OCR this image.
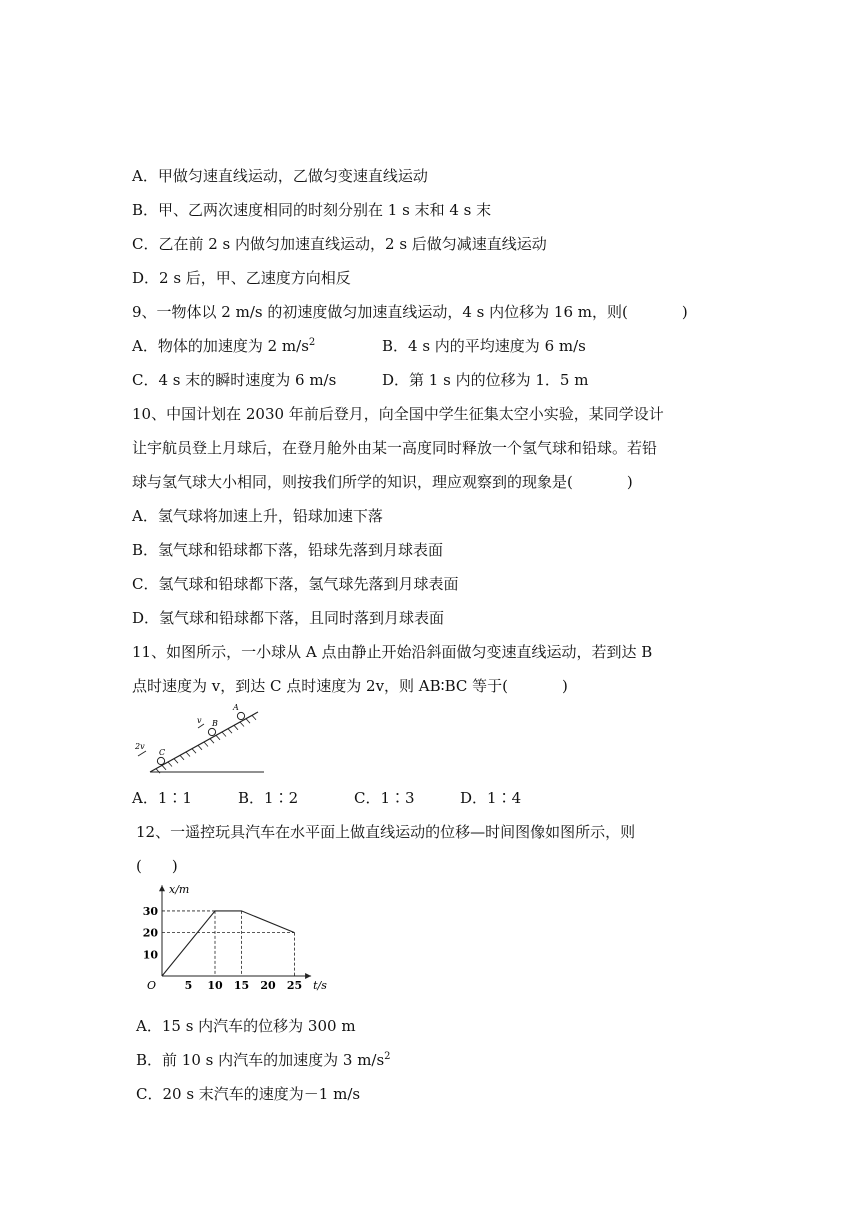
A．甲做匀速直线运动，乙做匀变速直线运动
B．甲、乙两次速度相同的时刻分别在 1 s 末和 4 s 末
C．乙在前 2 s 内做匀加速直线运动，2 s 后做匀减速直线运动
D．2 s 后，甲、乙速度方向相反
9、一物体以 2 m/s 的初速度做匀加速直线运动，4 s 内位移为 16 m，则(	)
A．物体的加速度为 2 $m/s^2$	B．4 s 内的平均速度为 6 m/s
C．4 s 末的瞬时速度为 6 m/s	D．第 1 s 内的位移为 1．5 m
10、中国计划在 2030 年前后登月，向全国中学生征集太空小实验，某同学设计
让宇航员登上月球后，在登月舱外由某一高度同时释放一个氢气球和铅球。若铅
球与氢气球大小相同，则按我们所学的知识，理应观察到的现象是(	)
A．氢气球将加速上升，铅球加速下落
B．氢气球和铅球都下落，铅球先落到月球表面
C．氢气球和铅球都下落，氢气球先落到月球表面
D．氢气球和铅球都下落，且同时落到月球表面
11、如图所示，一小球从 A 点由静止开始沿斜面做匀变速直线运动，若到达 B
点时速度为 v，到达 C 点时速度为 2v，则 AB∶BC 等于(	)
A
B
C
v
2v
A．1∶1	B．1∶2	C．1∶3	D．1∶4
12、一遥控玩具汽车在水平面上做直线运动的位移—时间图像如图所示，则
( )
5 10 15 20 25
10
20
30
O	t/s
x/m
A．15 s 内汽车的位移为 300 m
B．前 10 s 内汽车的加速度为 3 $m/s^2$
C．20 s 末汽车的速度为－1 m/s
